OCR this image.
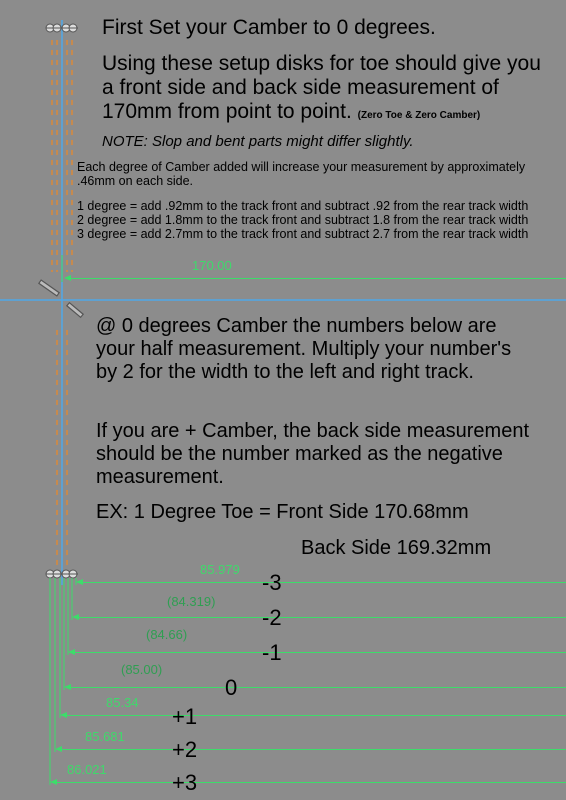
First Set your Camber to 0 degrees.
Using these setup disks for toe should give you a front side and back side measurement of 170mm from point to point. (Zero Toe & Zero Camber)
NOTE: Slop and bent parts might differ slightly.
Each degree of Camber added will increase your measurement by approximately .46mm on each side.
1 degree = add .92mm to the track front and subtract .92 from the rear track width
2 degree = add 1.8mm to the track front and subtract 1.8 from the rear track width
3 degree = add 2.7mm to the track front and subtract 2.7 from the rear track width
170.00
@ 0 degrees Camber the numbers below are your half measurement. Multiply your number's by 2 for the width to the left and right track.
If you are + Camber, the back side measurement should be the number marked as the negative measurement.
EX: 1 Degree Toe = Front Side 170.68mm
Back Side 169.32mm
85.979
-3
(84.319)
-2
(84.66)
-1
(85.00)
0
85.34
+1
85.681
+2
86.021
+3
